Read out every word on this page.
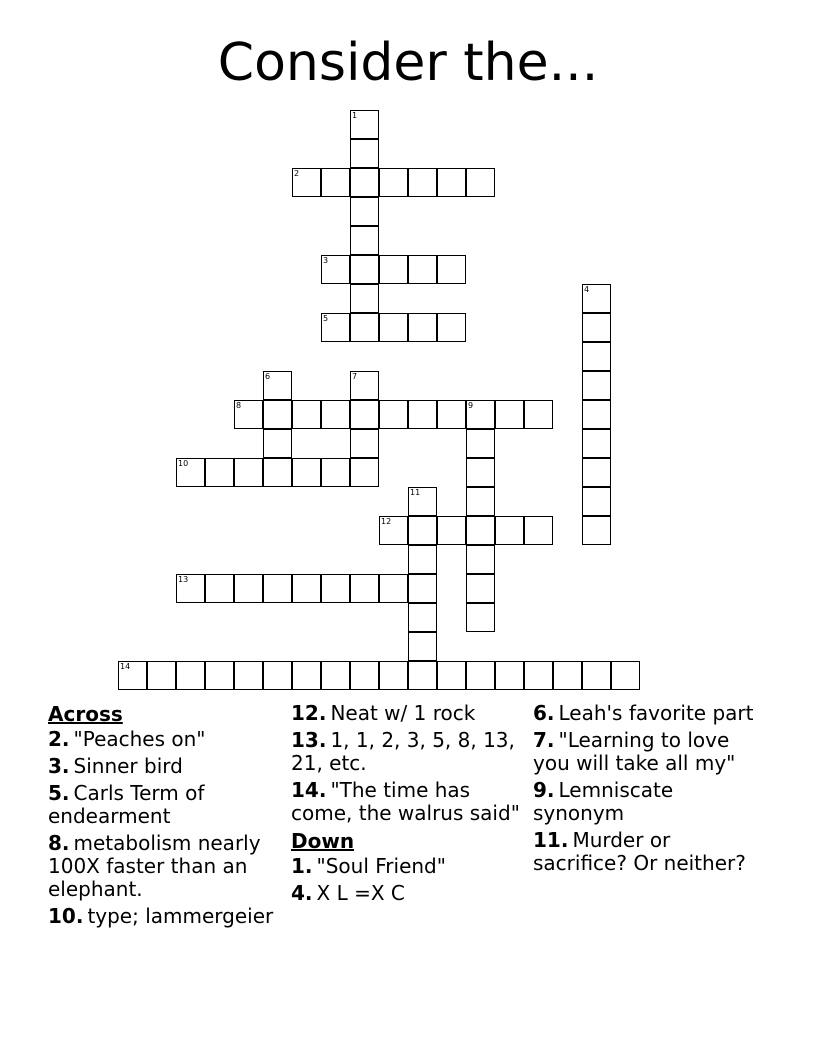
Consider the...
1
2
3
4
5
6	7
8	9
10
11
12
13
14
Across
2. "Peaches on"
3. Sinner bird
5. Carls Term of endearment
8. metabolism nearly 100X faster than an elephant.
10. type; lammergeier
12. Neat w/ 1 rock
13. 1, 1, 2, 3, 5, 8, 13, 21, etc.
14. "The time has come, the walrus said"
Down
1. "Soul Friend"
4. X L =X C
6. Leah's favorite part
7. "Learning to love you will take all my"
9. Lemniscate synonym
11. Murder or sacrifice? Or neither?
